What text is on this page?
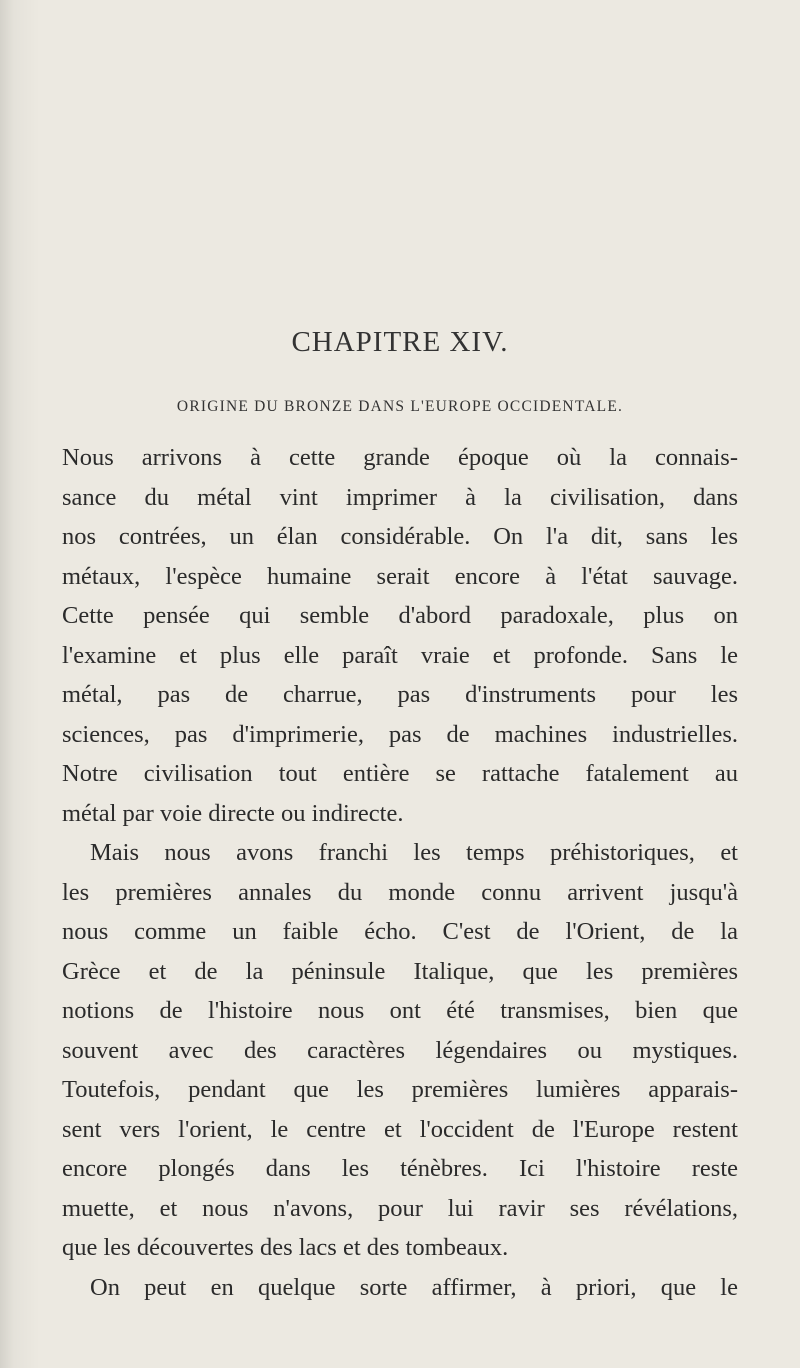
CHAPITRE XIV.
ORIGINE DU BRONZE DANS L'EUROPE OCCIDENTALE.
Nous arrivons à cette grande époque où la connais-
sance du métal vint imprimer à la civilisation, dans
nos contrées, un élan considérable. On l'a dit, sans les
métaux, l'espèce humaine serait encore à l'état sauvage.
Cette pensée qui semble d'abord paradoxale, plus on
l'examine et plus elle paraît vraie et profonde. Sans le
métal, pas de charrue, pas d'instruments pour les
sciences, pas d'imprimerie, pas de machines industrielles.
Notre civilisation tout entière se rattache fatalement au
métal par voie directe ou indirecte.
Mais nous avons franchi les temps préhistoriques, et
les premières annales du monde connu arrivent jusqu'à
nous comme un faible écho. C'est de l'Orient, de la
Grèce et de la péninsule Italique, que les premières
notions de l'histoire nous ont été transmises, bien que
souvent avec des caractères légendaires ou mystiques.
Toutefois, pendant que les premières lumières apparais-
sent vers l'orient, le centre et l'occident de l'Europe restent
encore plongés dans les ténèbres. Ici l'histoire reste
muette, et nous n'avons, pour lui ravir ses révélations,
que les découvertes des lacs et des tombeaux.
On peut en quelque sorte affirmer, à priori, que le
